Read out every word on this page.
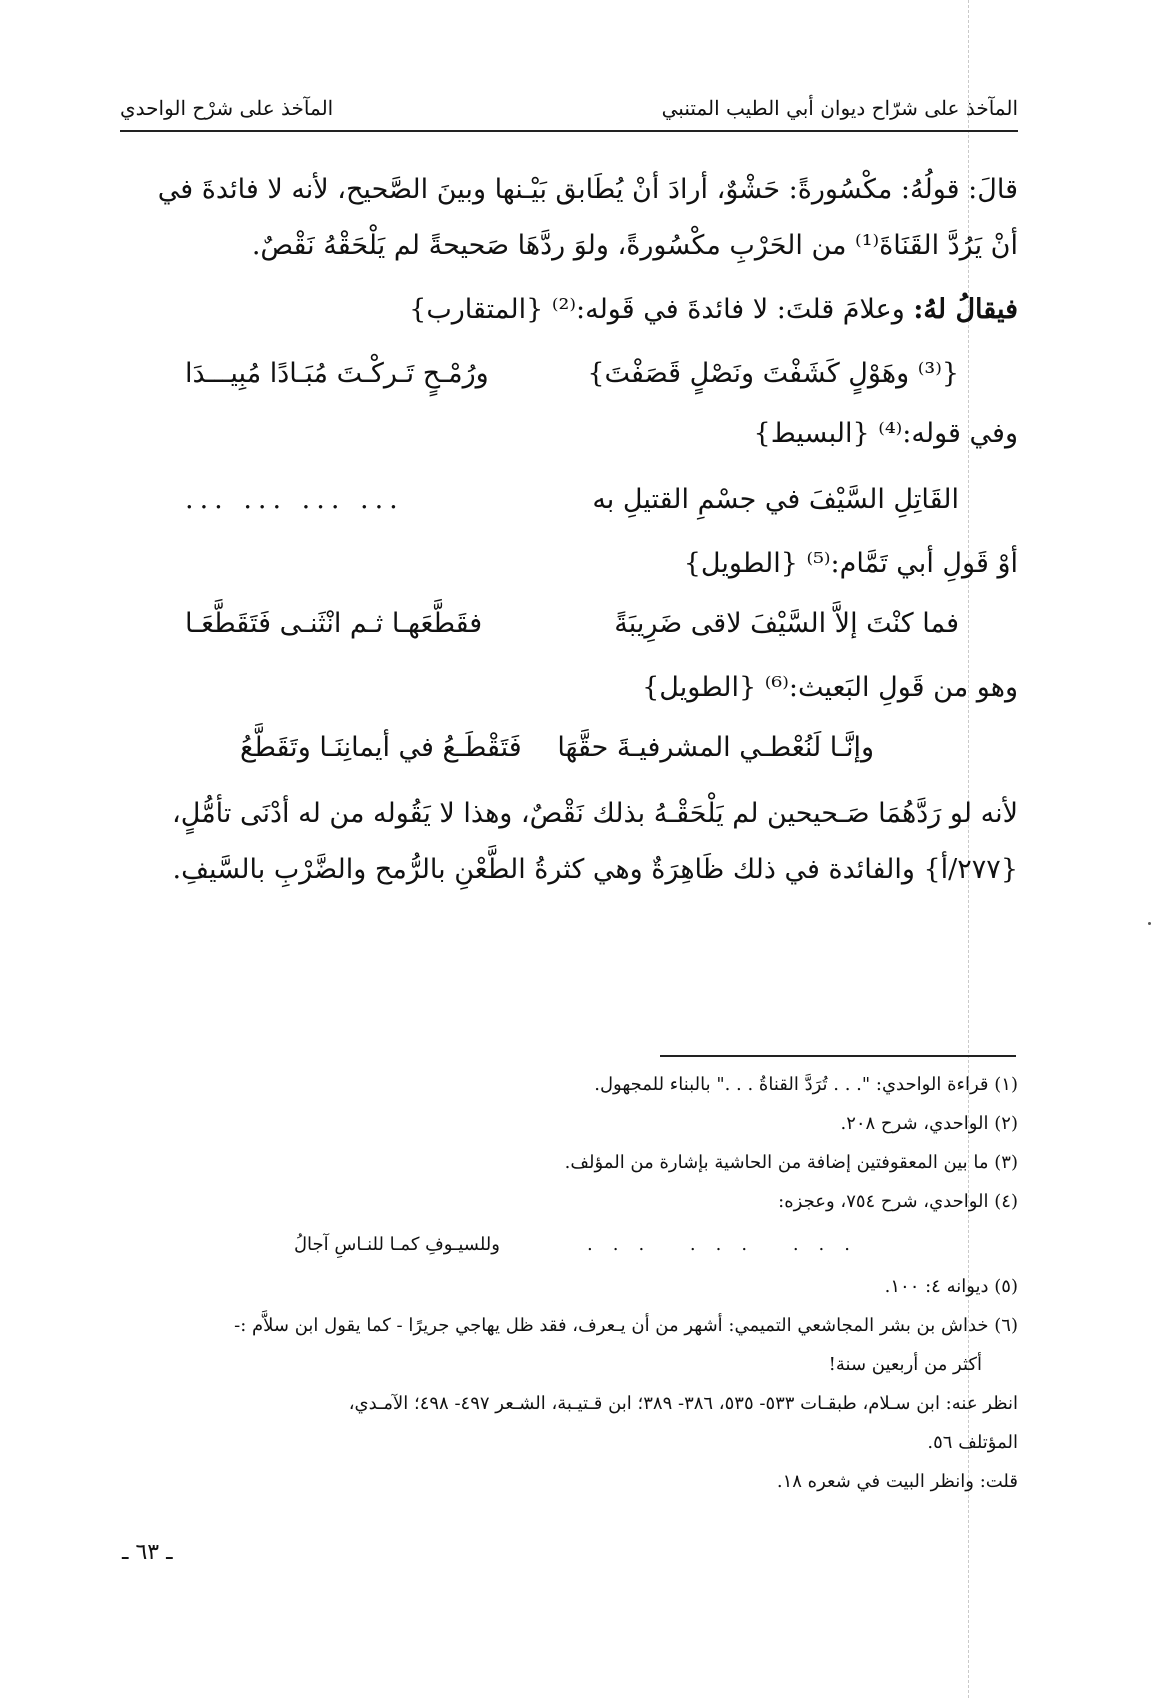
المآخذ على شرّاح ديوان أبي الطيب المتنبي
المآخذ على شرْح الواحدي
قالَ: قولُهُ: مكْسُورةً: حَشْوٌ، أرادَ أنْ يُطَابق بَيْـنها وبينَ الصَّحيح، لأنه لا فائدةَ في
أنْ يَرُدَّ القَنَاةَ⁽¹⁾ من الحَرْبِ مكْسُورةً، ولوَ ردَّهَا صَحيحةً لم يَلْحَقْهُ نَقْصٌ.
فيقالُ لهُ: وعلامَ قلتَ: لا فائدةَ في قَوله:⁽²⁾ {المتقارب}
{⁽³⁾ وهَوْلٍ كَشَفْتَ ونَصْلٍ قَصَفْتَ}
ورُمْـحٍ تَـركْـتَ مُبَـادًا مُبِيـــدَا
وفي قوله:⁽⁴⁾ {البسيط}
القَاتِلِ السَّيْفَ في جسْمِ القتيلِ به
... ... ... ...
أوْ قَولِ أبي تَمَّام:⁽⁵⁾ {الطويل}
فما كنْتَ إلاَّ السَّيْفَ لاقى ضَرِيبَةً
فقَطَّعَهـا ثـم انْثَنـى فَتَقَطَّعَـا
وهو من قَولِ البَعيث:⁽⁶⁾ {الطويل}
وإنَّـا لَنُعْطـي المشرفيـةَ حقَّهَا
فَتَقْطَـعُ في أيمانِنَـا وتَقَطَّعُ
لأنه لو رَدَّهُمَا صَـحيحين لم يَلْحَقْـهُ بذلك نَقْصٌ، وهذا لا يَقُوله من له أدْنَى تأمُّلٍ،
{٢٧٧/أ} والفائدة في ذلك ظَاهِرَةٌ وهي كثرةُ الطَّعْنِ بالرُّمح والضَّرْبِ بالسَّيفِ.
(١) قراءة الواحدي: ". . . تُرَدَّ القناةُ . . ." بالبناء للمجهول.
(٢) الواحدي، شرح ٢٠٨.
(٣) ما بين المعقوفتين إضافة من الحاشية بإشارة من المؤلف.
(٤) الواحدي، شرح ٧٥٤، وعجزه:
وللسيـوفِ كمـا للنـاسِ آجالُ	... ... ...
(٥) ديوانه ٤: ١٠٠.
(٦) خداش بن بشر المجاشعي التميمي: أشهر من أن يـعرف، فقد ظل يهاجي جريرًا - كما يقول ابن سلاَّم :-
أكثر من أربعين سنة!
انظر عنه: ابن سـلام، طبقـات ٥٣٣- ٥٣٥، ٣٨٦- ٣٨٩؛ ابن قـتيـبة، الشـعر ٤٩٧- ٤٩٨؛ الآمـدي،
المؤتلف ٥٦.
قلت: وانظر البيت في شعره ١٨.
ـ ٦٣ ـ
